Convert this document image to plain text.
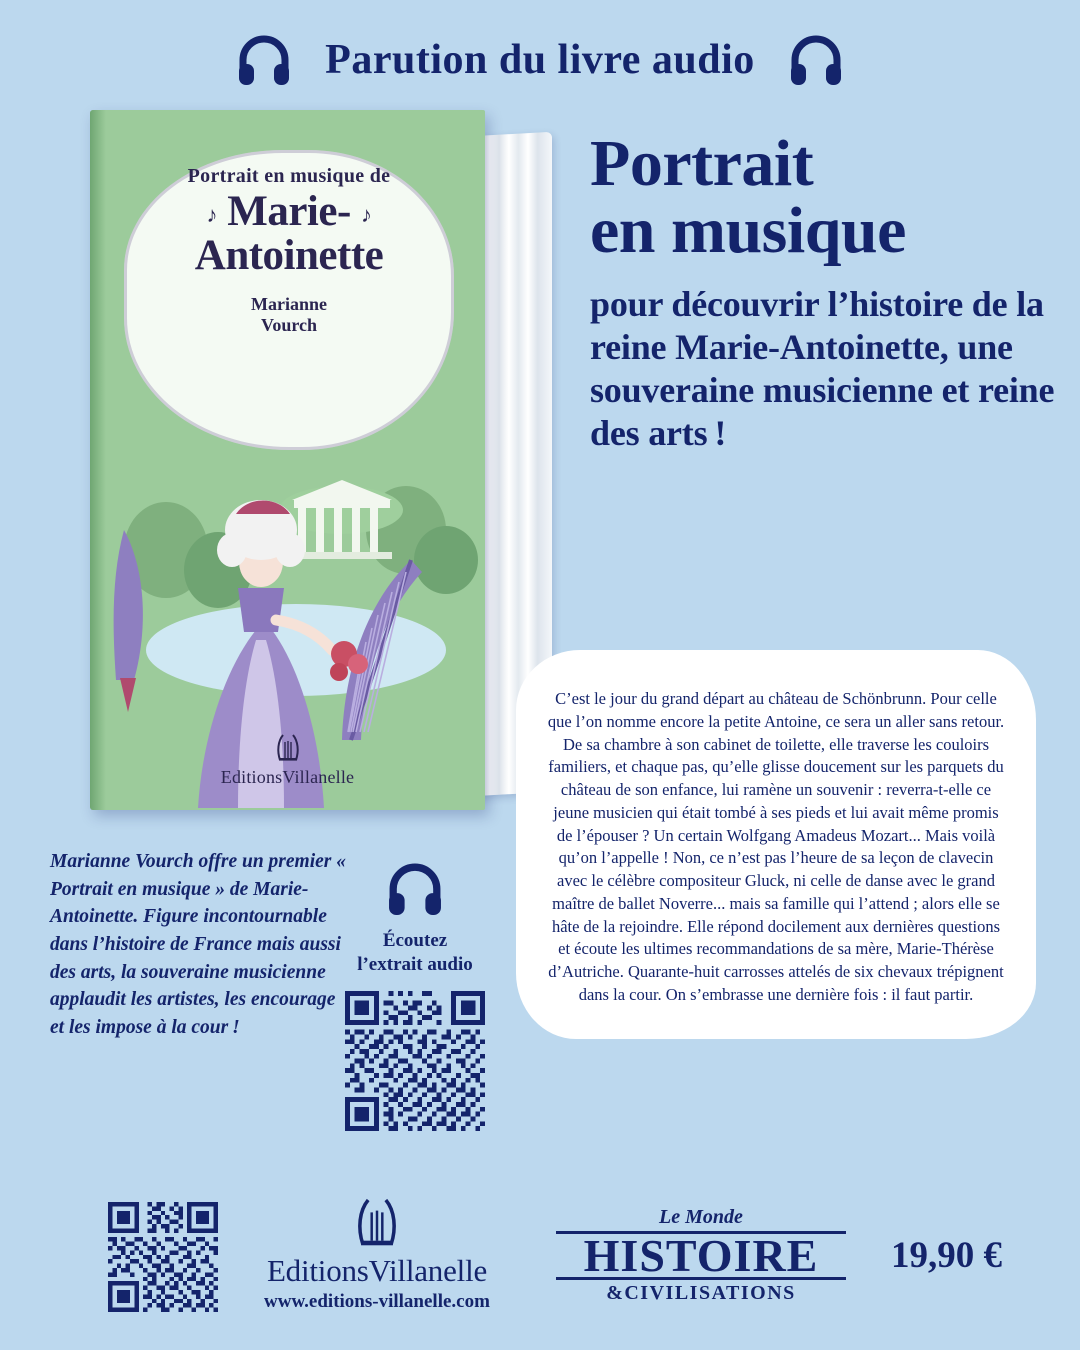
Parution du livre audio
Portrait en musique de
♪ Marie- ♪
Antoinette
Marianne
Vourch
EditionsVillanelle
Portrait
en musique
pour découvrir l’histoire de la reine Marie-Antoinette, une souveraine musicienne et reine des arts !

C’est le jour du grand départ au château de Schönbrunn. Pour celle que l’on nomme encore la petite Antoine, ce sera un aller sans retour. De sa chambre à son cabinet de toilette, elle traverse les couloirs familiers, et chaque pas, qu’elle glisse doucement sur les parquets du château de son enfance, lui ramène un souvenir : reverra-t-elle ce jeune musicien qui était tombé à ses pieds et lui avait même promis de l’épouser ? Un certain Wolfgang Amadeus Mozart... Mais voilà qu’on l’appelle ! Non, ce n’est pas l’heure de sa leçon de clavecin avec le célèbre compositeur Gluck, ni celle de danse avec le grand maître de ballet Noverre... mais sa famille qui l’attend ; alors elle se hâte de la rejoindre. Elle répond docilement aux dernières questions et écoute les ultimes recommandations de sa mère, Marie-Thérèse d’Autriche. Quarante-huit carrosses attelés de six chevaux trépignent dans la cour. On s’embrasse une dernière fois : il faut partir.

Marianne Vourch offre un premier « Portrait en musique » de Marie-Antoinette. Figure incontournable dans l’histoire de France mais aussi des arts, la souveraine musicienne applaudit les artistes, les encourage et les impose à la cour !
Écoutez
l’extrait audio
EditionsVillanelle
www.editions-villanelle.com
Le Monde
HISTOIRE
&CIVILISATIONS
19,90 €
